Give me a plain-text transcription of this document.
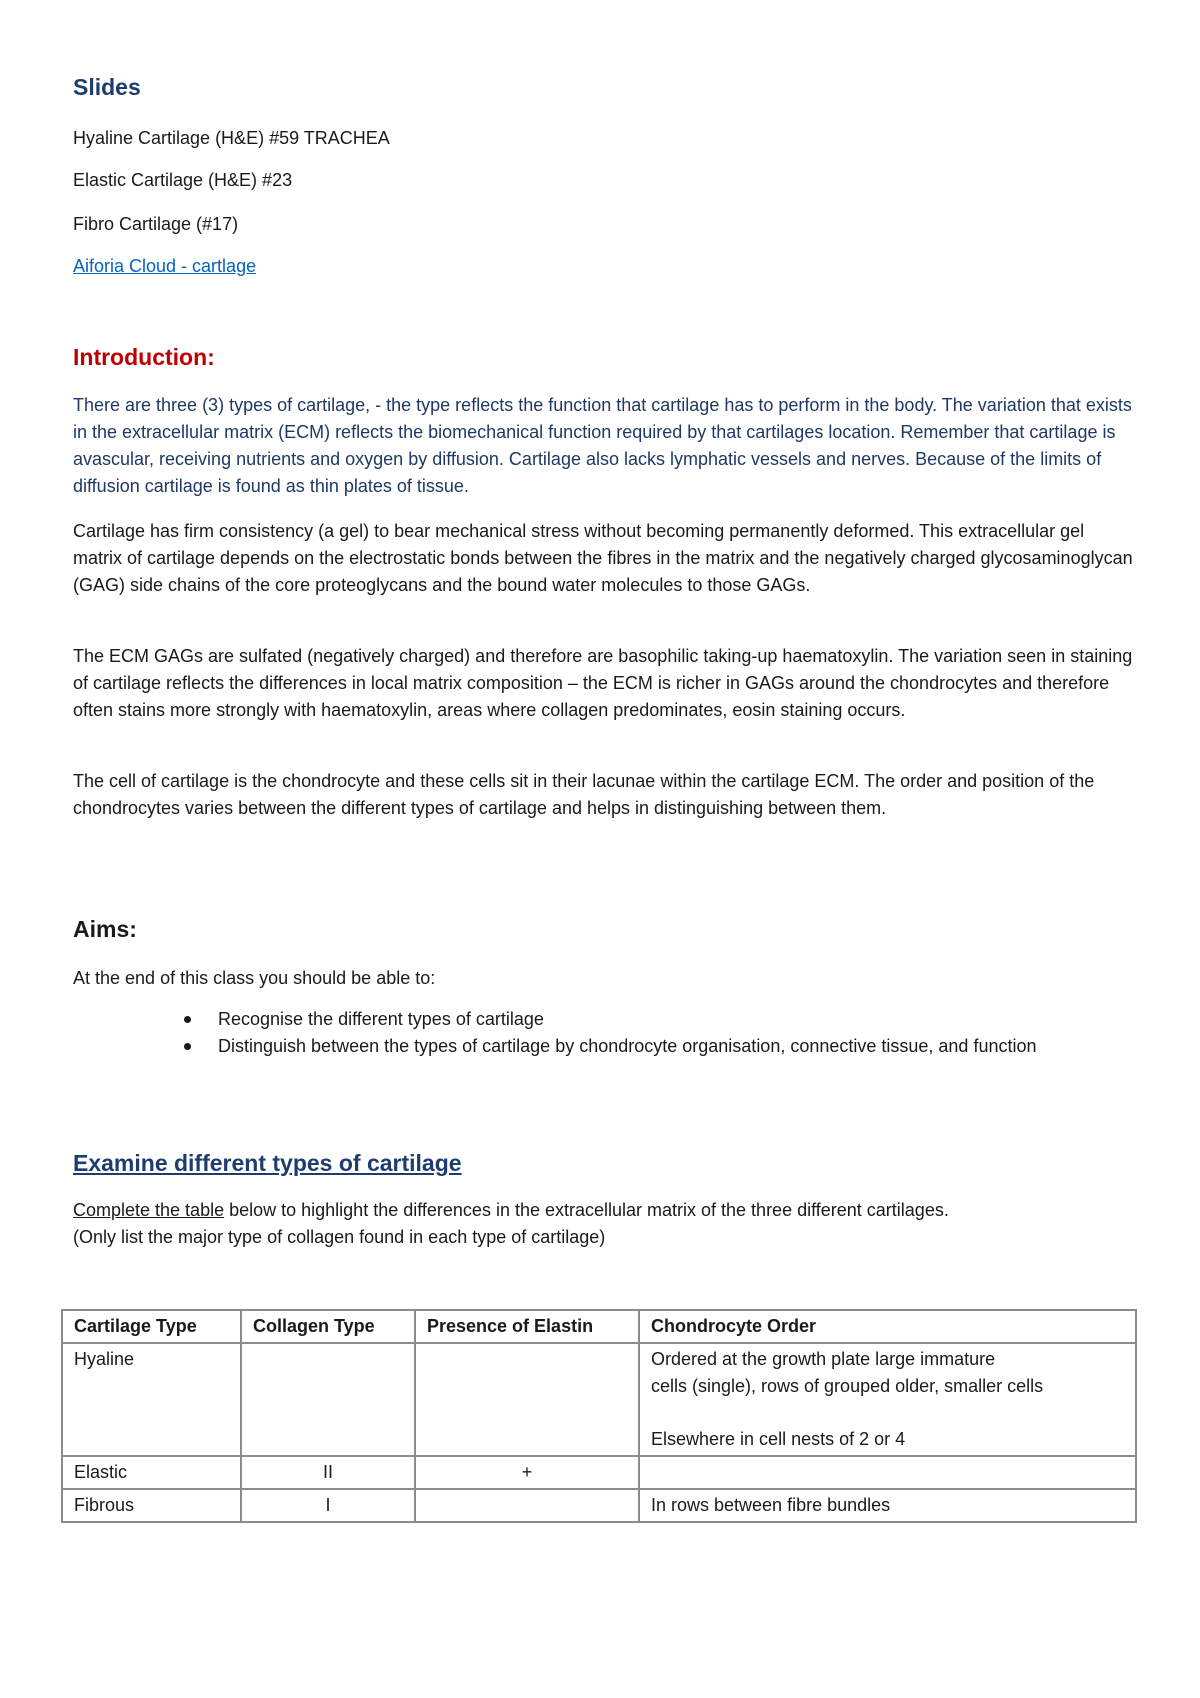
Slides

Hyaline Cartilage (H&E) #59 TRACHEA

Elastic Cartilage (H&E) #23

Fibro Cartilage (#17)

Aiforia Cloud - cartlage

Introduction:

There are three (3) types of cartilage, - the type reflects the function that cartilage has to perform in the body. The variation that exists in the extracellular matrix (ECM) reflects the biomechanical function required by that cartilages location. Remember that cartilage is avascular, receiving nutrients and oxygen by diffusion. Cartilage also lacks lymphatic vessels and nerves. Because of the limits of diffusion cartilage is found as thin plates of tissue.

Cartilage has firm consistency (a gel) to bear mechanical stress without becoming permanently deformed. This extracellular gel matrix of cartilage depends on the electrostatic bonds between the fibres in the matrix and the negatively charged glycosaminoglycan (GAG) side chains of the core proteoglycans and the bound water molecules to those GAGs.

The ECM GAGs are sulfated (negatively charged) and therefore are basophilic taking-up haematoxylin. The variation seen in staining of cartilage reflects the differences in local matrix composition – the ECM is richer in GAGs around the chondrocytes and therefore often stains more strongly with haematoxylin, areas where collagen predominates, eosin staining occurs.

The cell of cartilage is the chondrocyte and these cells sit in their lacunae within the cartilage ECM. The order and position of the chondrocytes varies between the different types of cartilage and helps in distinguishing between them.

Aims:

At the end of this class you should be able to:

Recognise the different types of cartilage
Distinguish between the types of cartilage by chondrocyte organisation, connective tissue, and function

Examine different types of cartilage

Complete the table below to highlight the differences in the extracellular matrix of the three different cartilages.
(Only list the major type of collagen found in each type of cartilage)

Cartilage Type	Collagen Type	Presence of Elastin	Chondrocyte Order
Hyaline			Ordered at the growth plate large immature
cells (single), rows of grouped older, smaller cells
Elsewhere in cell nests of 2 or 4

Elastic	II	+	
Fibrous	I		In rows between fibre bundles
